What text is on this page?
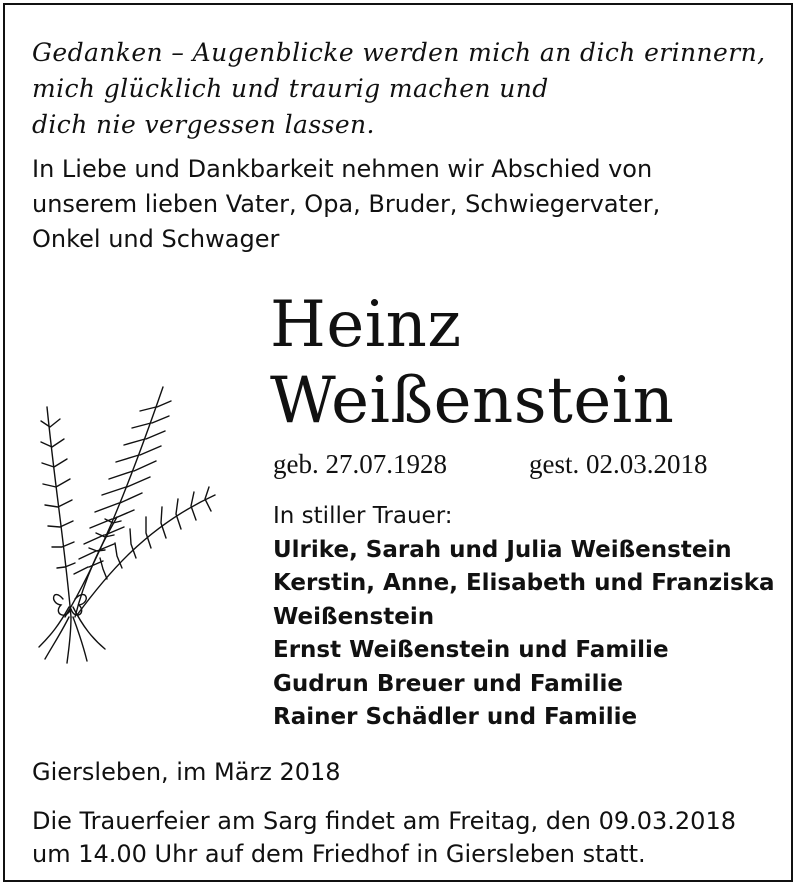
Gedanken – Augenblicke werden mich an dich erinnern,
mich glücklich und traurig machen und
dich nie vergessen lassen.
In Liebe und Dankbarkeit nehmen wir Abschied von
unserem lieben Vater, Opa, Bruder, Schwiegervater,
Onkel und Schwager
Heinz
Weißenstein
geb. 27.07.1928	gest. 02.03.2018
In stiller Trauer:
Ulrike, Sarah und Julia Weißenstein
Kerstin, Anne, Elisabeth und Franziska
Weißenstein
Ernst Weißenstein und Familie
Gudrun Breuer und Familie
Rainer Schädler und Familie
Giersleben, im März 2018
Die Trauerfeier am Sarg findet am Freitag, den 09.03.2018
um 14.00 Uhr auf dem Friedhof in Giersleben statt.
